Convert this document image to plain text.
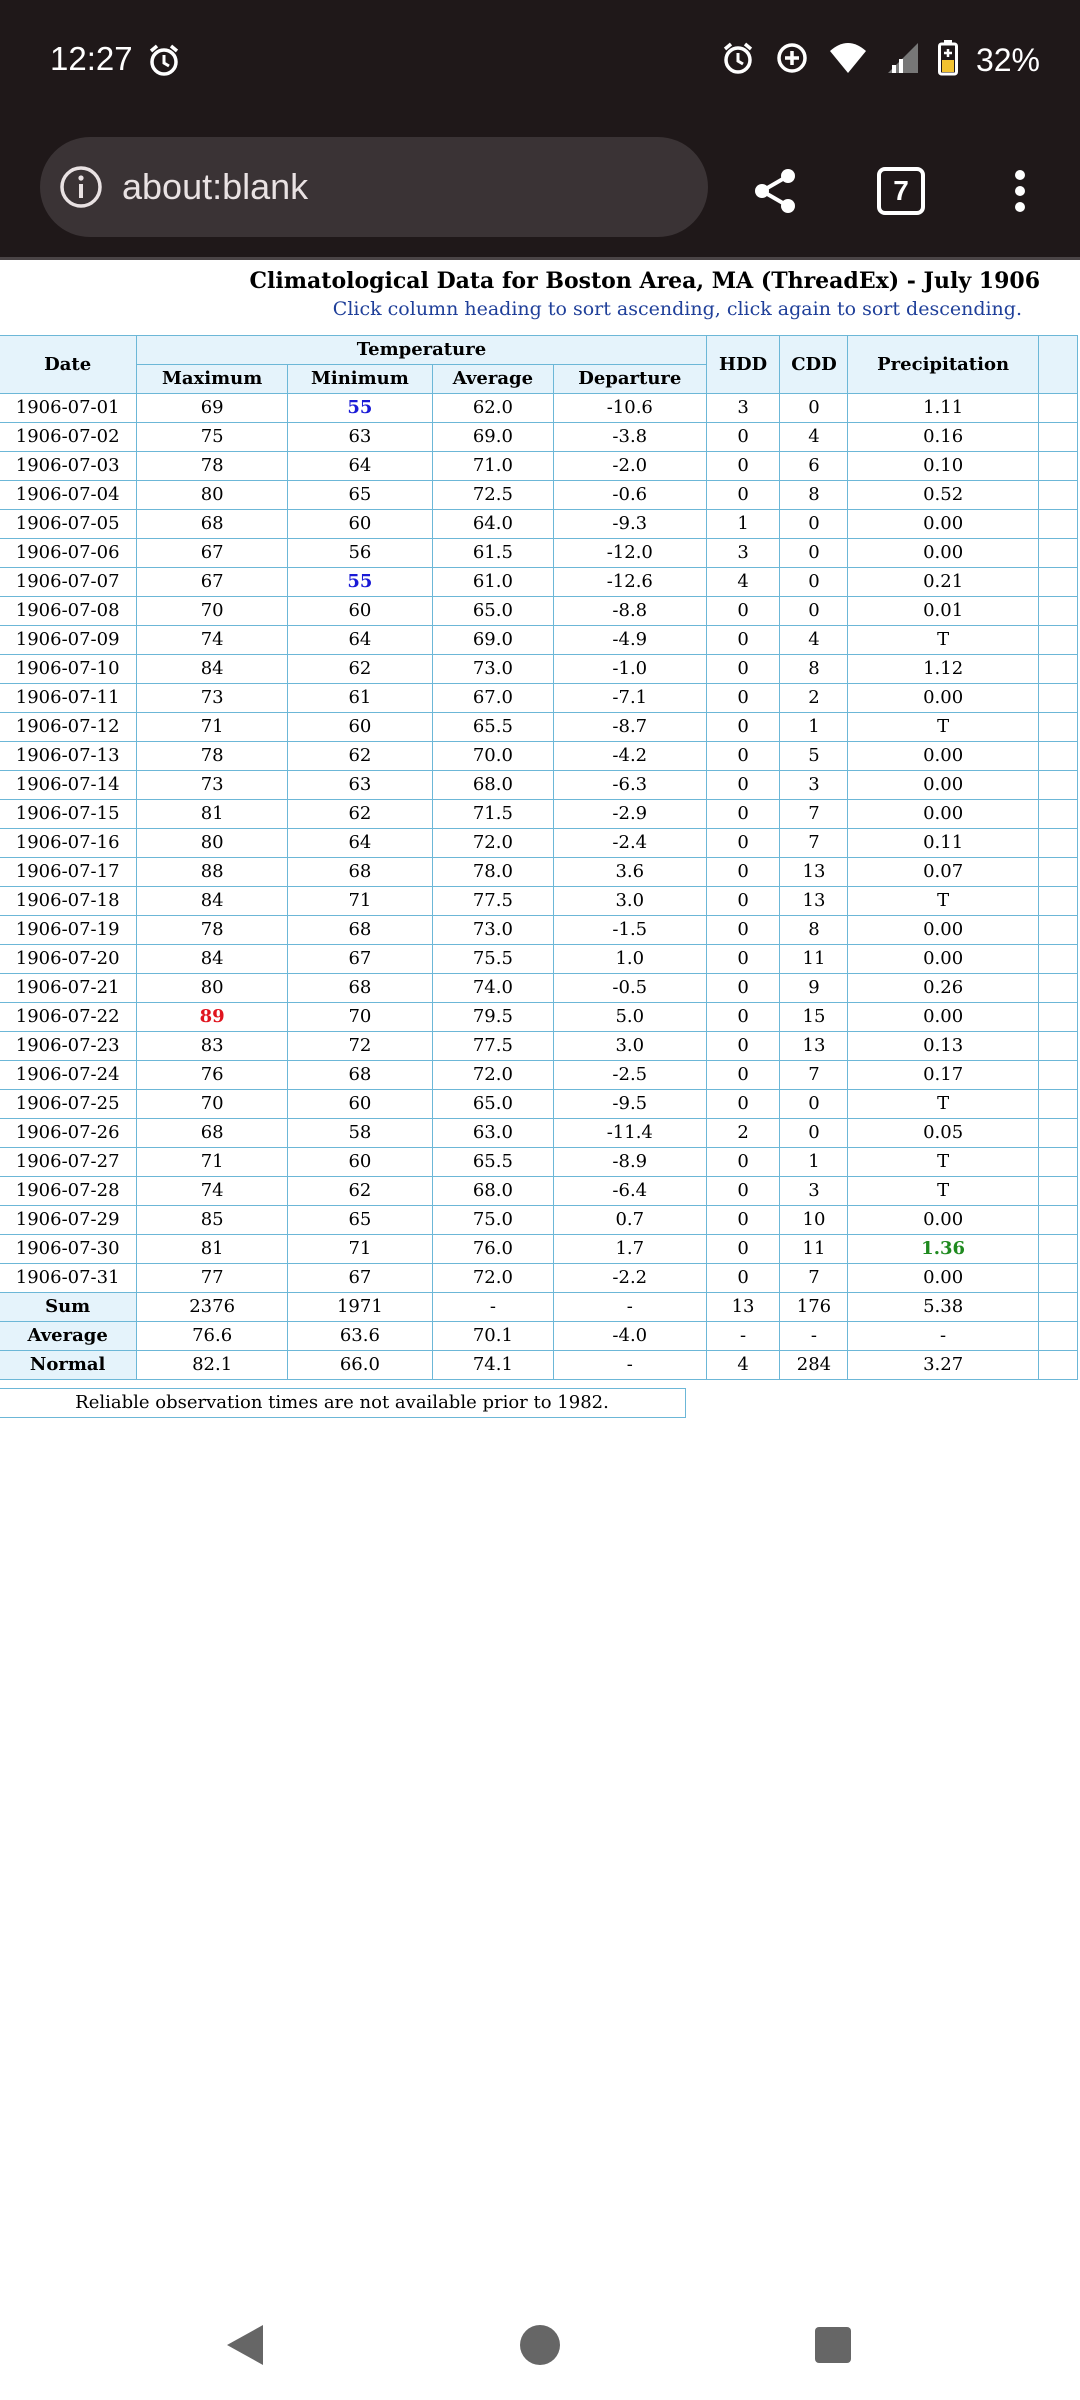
12:27	32%
about:blank	7
Climatological Data for Boston Area, MA (ThreadEx) - July 1906
Click column heading to sort ascending, click again to sort descending.
Date	Temperature				HDD	CDD	Precipitation	
	Maximum	Minimum	Average	Departure				
1906-07-01	69	55	62.0	-10.6	3	0	1.11	
1906-07-02	75	63	69.0	-3.8	0	4	0.16	
1906-07-03	78	64	71.0	-2.0	0	6	0.10	
1906-07-04	80	65	72.5	-0.6	0	8	0.52	
1906-07-05	68	60	64.0	-9.3	1	0	0.00	
1906-07-06	67	56	61.5	-12.0	3	0	0.00	
1906-07-07	67	55	61.0	-12.6	4	0	0.21	
1906-07-08	70	60	65.0	-8.8	0	0	0.01	
1906-07-09	74	64	69.0	-4.9	0	4	T	
1906-07-10	84	62	73.0	-1.0	0	8	1.12	
1906-07-11	73	61	67.0	-7.1	0	2	0.00	
1906-07-12	71	60	65.5	-8.7	0	1	T	
1906-07-13	78	62	70.0	-4.2	0	5	0.00	
1906-07-14	73	63	68.0	-6.3	0	3	0.00	
1906-07-15	81	62	71.5	-2.9	0	7	0.00	
1906-07-16	80	64	72.0	-2.4	0	7	0.11	
1906-07-17	88	68	78.0	3.6	0	13	0.07	
1906-07-18	84	71	77.5	3.0	0	13	T	
1906-07-19	78	68	73.0	-1.5	0	8	0.00	
1906-07-20	84	67	75.5	1.0	0	11	0.00	
1906-07-21	80	68	74.0	-0.5	0	9	0.26	
1906-07-22	89	70	79.5	5.0	0	15	0.00	
1906-07-23	83	72	77.5	3.0	0	13	0.13	
1906-07-24	76	68	72.0	-2.5	0	7	0.17	
1906-07-25	70	60	65.0	-9.5	0	0	T	
1906-07-26	68	58	63.0	-11.4	2	0	0.05	
1906-07-27	71	60	65.5	-8.9	0	1	T	
1906-07-28	74	62	68.0	-6.4	0	3	T	
1906-07-29	85	65	75.0	0.7	0	10	0.00	
1906-07-30	81	71	76.0	1.7	0	11	1.36	
1906-07-31	77	67	72.0	-2.2	0	7	0.00	
Sum	2376	1971	-	-	13	176	5.38	
Average	76.6	63.6	70.1	-4.0	-	-	-	
Normal	82.1	66.0	74.1	-	4	284	3.27	
Reliable observation times are not available prior to 1982.
